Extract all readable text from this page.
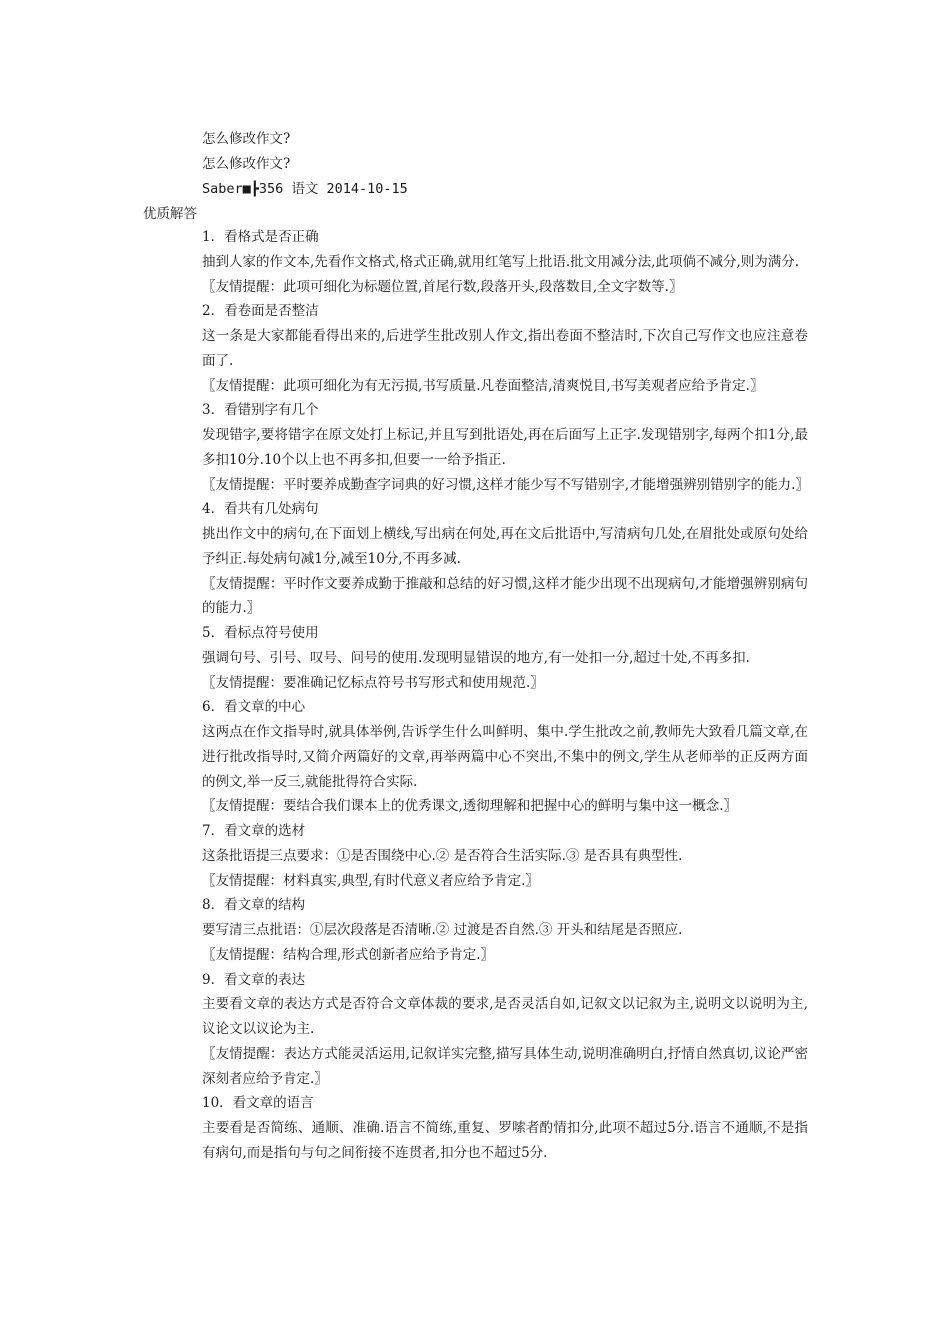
怎么修改作文?
怎么修改作文?
Saber■┣356 语文 2014-10-15
优质解答
1．看格式是否正确
抽到人家的作文本,先看作文格式,格式正确,就用红笔写上批语.批文用减分法,此项倘不减分,则为满分.
〖友情提醒：此项可细化为标题位置,首尾行数,段落开头,段落数目,全文字数等.〗
2．看卷面是否整洁
这一条是大家都能看得出来的,后进学生批改别人作文,指出卷面不整洁时,下次自己写作文也应注意卷面了.
〖友情提醒：此项可细化为有无污损,书写质量.凡卷面整洁,清爽悦目,书写美观者应给予肯定.〗
3．看错别字有几个
发现错字,要将错字在原文处打上标记,并且写到批语处,再在后面写上正字.发现错别字,每两个扣1分,最多扣10分.10个以上也不再多扣,但要一一给予指正.
〖友情提醒：平时要养成勤查字词典的好习惯,这样才能少写不写错别字,才能增强辨别错别字的能力.〗
4．看共有几处病句
挑出作文中的病句,在下面划上横线,写出病在何处,再在文后批语中,写清病句几处,在眉批处或原句处给予纠正.每处病句减1分,减至10分,不再多减.
〖友情提醒：平时作文要养成勤于推敲和总结的好习惯,这样才能少出现不出现病句,才能增强辨别病句的能力.〗
5．看标点符号使用
强调句号、引号、叹号、问号的使用.发现明显错误的地方,有一处扣一分,超过十处,不再多扣.
〖友情提醒：要准确记忆标点符号书写形式和使用规范.〗
6．看文章的中心
这两点在作文指导时,就具体举例,告诉学生什么叫鲜明、集中.学生批改之前,教师先大致看几篇文章,在进行批改指导时,又简介两篇好的文章,再举两篇中心不突出,不集中的例文,学生从老师举的正反两方面的例文,举一反三,就能批得符合实际.
〖友情提醒：要结合我们课本上的优秀课文,透彻理解和把握中心的鲜明与集中这一概念.〗
7．看文章的选材
这条批语提三点要求：①是否围绕中心.② 是否符合生活实际.③ 是否具有典型性.
〖友情提醒：材料真实,典型,有时代意义者应给予肯定.〗
8．看文章的结构
要写清三点批语：①层次段落是否清晰.② 过渡是否自然.③ 开头和结尾是否照应.
〖友情提醒：结构合理,形式创新者应给予肯定.〗
9．看文章的表达
主要看文章的表达方式是否符合文章体裁的要求,是否灵活自如,记叙文以记叙为主,说明文以说明为主,议论文以议论为主.
〖友情提醒：表达方式能灵活运用,记叙详实完整,描写具体生动,说明准确明白,抒情自然真切,议论严密深刻者应给予肯定.〗
10．看文章的语言
主要看是否简练、通顺、准确.语言不简练,重复、罗嗦者酌情扣分,此项不超过5分.语言不通顺,不是指有病句,而是指句与句之间衔接不连贯者,扣分也不超过5分.
